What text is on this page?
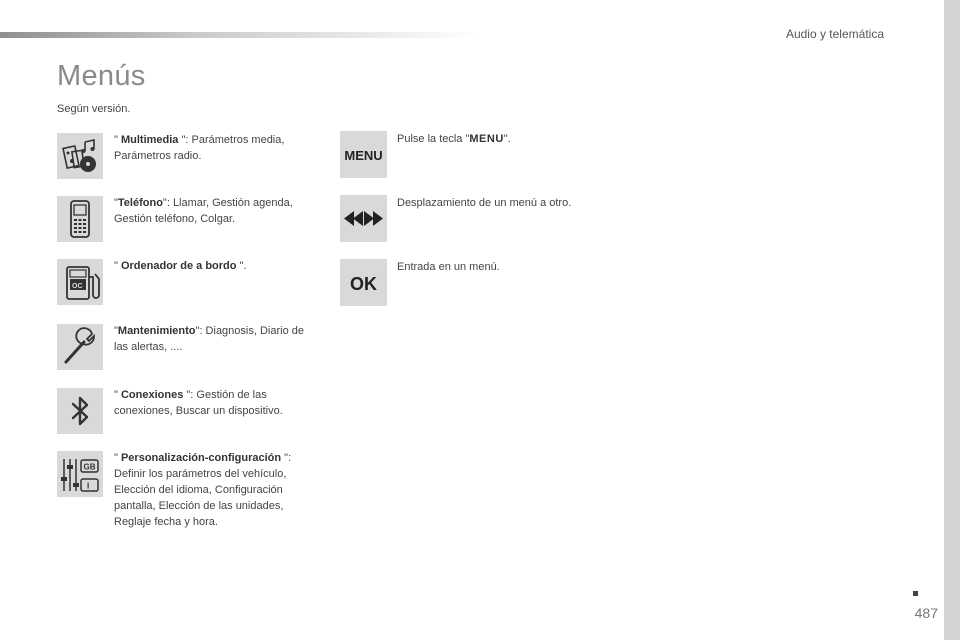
Audio y telemática
Menús
Según versión.
" Multimedia ": Parámetros media, Parámetros radio.
"Teléfono": Llamar, Gestión agenda, Gestión teléfono, Colgar.
OC
" Ordenador de a bordo ".
"Mantenimiento": Diagnosis, Diario de las alertas, ....
" Conexiones ": Gestión de las conexiones, Buscar un dispositivo.
GB
I
" Personalización-configuración ": Definir los parámetros del vehículo, Elección del idioma, Configuración pantalla, Elección de las unidades, Reglaje fecha y hora.
MENU
Pulse la tecla "MENU".
Desplazamiento de un menú a otro.
OK
Entrada en un menú.
487
